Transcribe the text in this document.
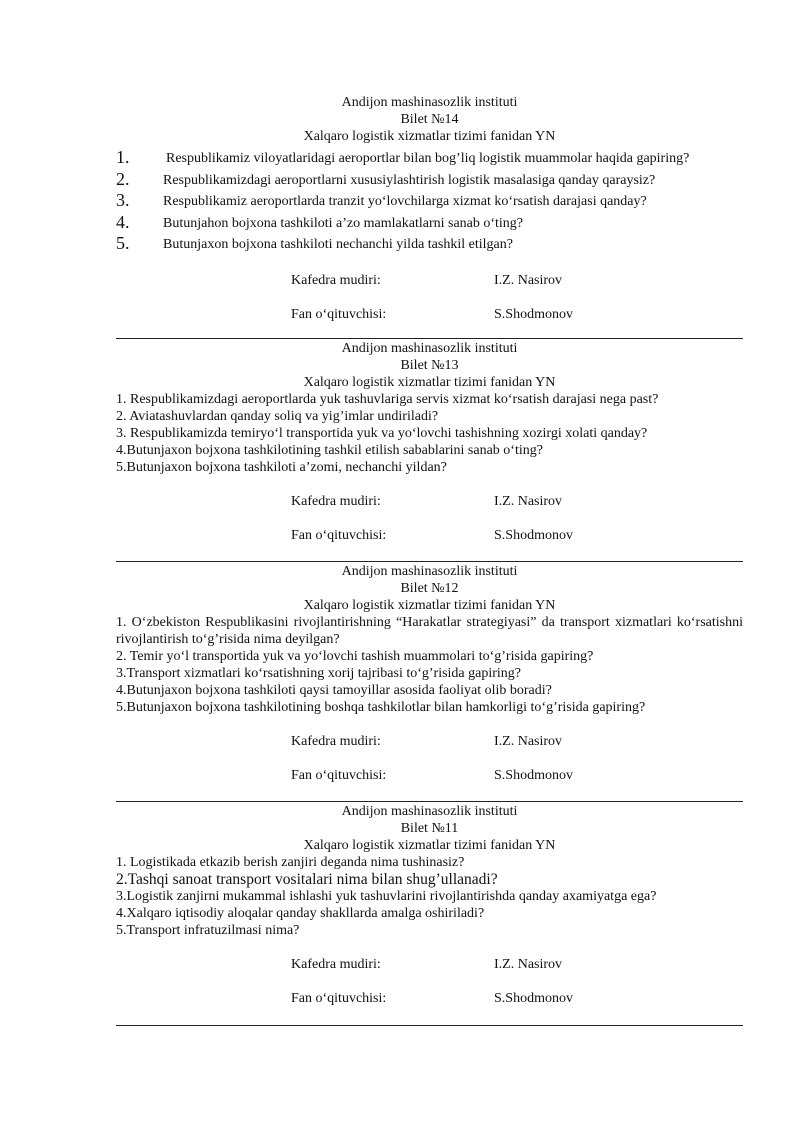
Andijon mashinasozlik instituti
Bilet №14
Xalqaro logistik xizmatlar tizimi fanidan YN
1.	Respublikamiz viloyatlaridagi aeroportlar bilan bog’liq logistik muammolar haqida gapiring?
2. Respublikamizdagi aeroportlarni xususiylashtirish logistik masalasiga qanday qaraysiz?
3. Respublikamiz aeroportlarda tranzit yo‘lovchilarga xizmat ko‘rsatish darajasi qanday?
4. Butunjahon bojxona tashkiloti a’zo mamlakatlarni sanab o‘ting?
5. Butunjaxon bojxona tashkiloti nechanchi yilda tashkil etilgan?
Kafedra mudiri:	I.Z. Nasirov
Fan o‘qituvchisi:	S.Shodmonov
Andijon mashinasozlik instituti
Bilet №13
Xalqaro logistik xizmatlar tizimi fanidan YN

1. Respublikamizdagi aeroportlarda yuk tashuvlariga servis xizmat ko‘rsatish darajasi nega past?

2. Aviatashuvlardan qanday soliq va yig’imlar undiriladi?

3. Respublikamizda temiryo‘l transportida yuk va yo‘lovchi tashishning xozirgi xolati qanday?

4.Butunjaxon bojxona tashkilotining tashkil etilish sabablarini sanab o‘ting?

5.Butunjaxon bojxona tashkiloti a’zomi, nechanchi yildan?

Kafedra mudiri:	I.Z. Nasirov
Fan o‘qituvchisi:	S.Shodmonov
Andijon mashinasozlik instituti
Bilet №12
Xalqaro logistik xizmatlar tizimi fanidan YN

1. O‘zbekiston Respublikasini rivojlantirishning “Harakatlar strategiyasi” da transport xizmatlari ko‘rsatishni rivojlantirish to‘g’risida nima deyilgan?

2. Temir yo‘l transportida yuk va yo‘lovchi tashish muammolari to‘g’risida gapiring?

3.Transport xizmatlari ko‘rsatishning xorij tajribasi to‘g’risida gapiring?

4.Butunjaxon bojxona tashkiloti qaysi tamoyillar asosida faoliyat olib boradi?

5.Butunjaxon bojxona tashkilotining boshqa tashkilotlar bilan hamkorligi to‘g’risida gapiring?

Kafedra mudiri:	I.Z. Nasirov
Fan o‘qituvchisi:	S.Shodmonov
Andijon mashinasozlik instituti
Bilet №11
Xalqaro logistik xizmatlar tizimi fanidan YN

1. Logistikada etkazib berish zanjiri deganda nima tushinasiz?

2.Tashqi sanoat transport vositalari nima bilan shug’ullanadi?

3.Logistik zanjirni mukammal ishlashi yuk tashuvlarini rivojlantirishda qanday axamiyatga ega?

4.Xalqaro iqtisodiy aloqalar qanday shakllarda amalga oshiriladi?

5.Transport infratuzilmasi nima?

Kafedra mudiri:	I.Z. Nasirov
Fan o‘qituvchisi:	S.Shodmonov
